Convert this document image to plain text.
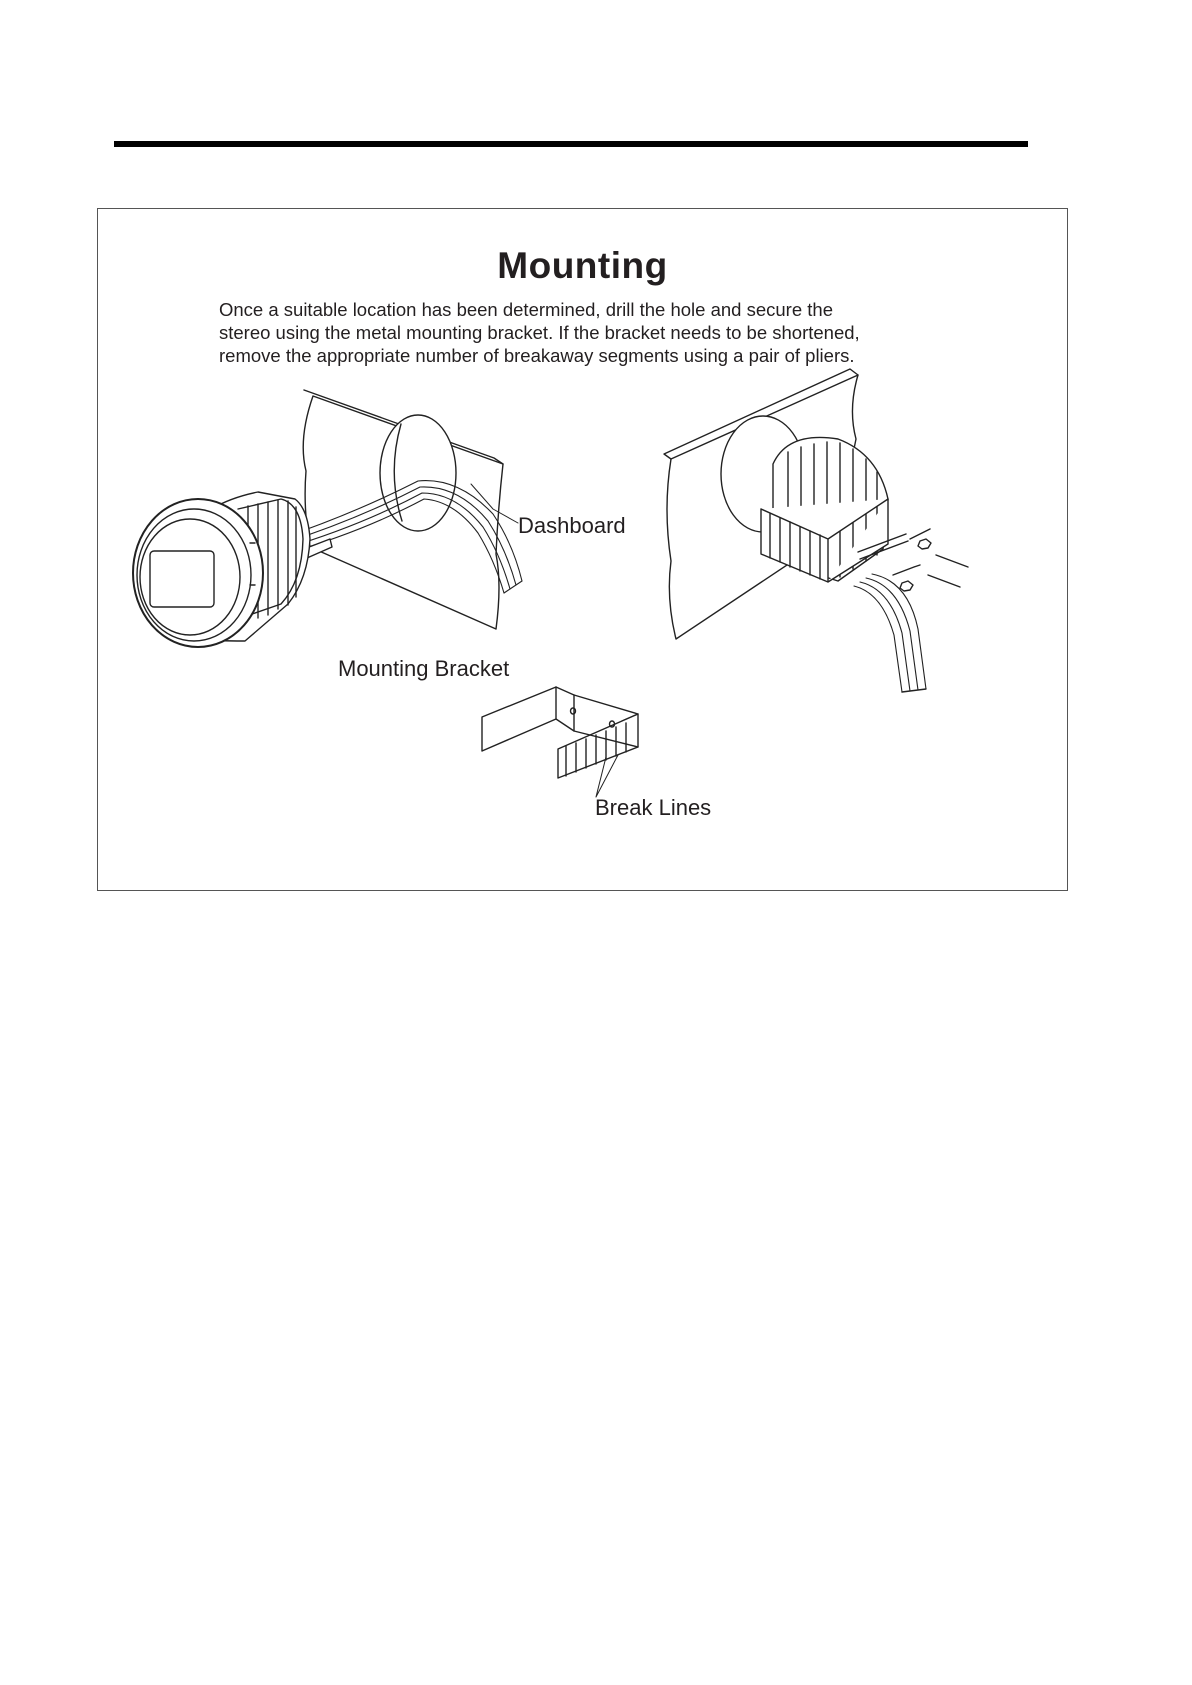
Mounting

Once a suitable location has been determined, drill the hole and secure the

stereo using the metal mounting bracket. If the bracket needs to be shortened,

remove the appropriate number of breakaway segments using a pair of pliers.

Dashboard
Mounting Bracket
Break Lines
